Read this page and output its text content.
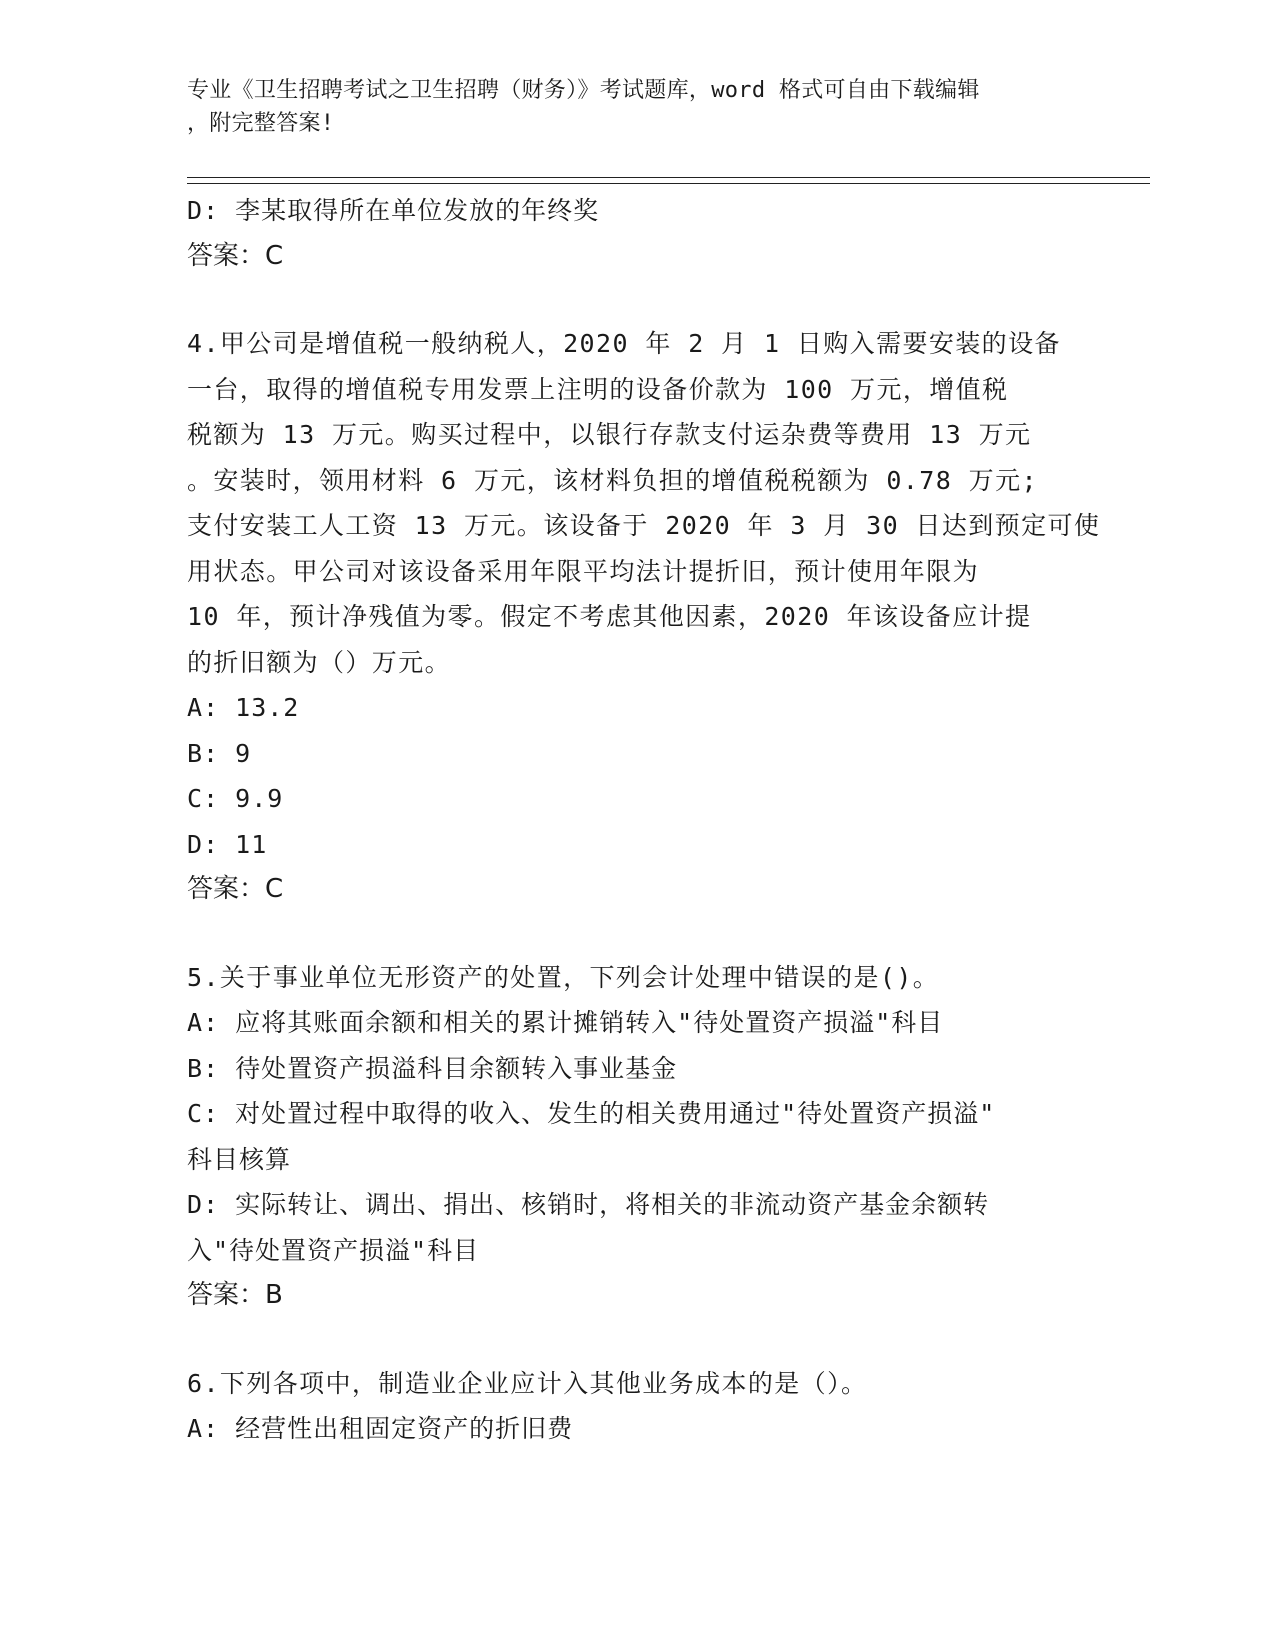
专业《卫生招聘考试之卫生招聘（财务）》考试题库，word 格式可自由下载编辑
，附完整答案!
D: 李某取得所在单位发放的年终奖
答案：C
4.甲公司是增值税一般纳税人，2020 年 2 月 1 日购入需要安装的设备
一台，取得的增值税专用发票上注明的设备价款为 100 万元，增值税
税额为 13 万元。购买过程中，以银行存款支付运杂费等费用 13 万元
。安装时，领用材料 6 万元，该材料负担的增值税税额为 0.78 万元;
支付安装工人工资 13 万元。该设备于 2020 年 3 月 30 日达到预定可使
用状态。甲公司对该设备采用年限平均法计提折旧，预计使用年限为
10 年，预计净残值为零。假定不考虑其他因素，2020 年该设备应计提
的折旧额为（）万元。
A: 13.2
B: 9
C: 9.9
D: 11
答案：C
5.关于事业单位无形资产的处置，下列会计处理中错误的是()。
A: 应将其账面余额和相关的累计摊销转入"待处置资产损溢"科目
B: 待处置资产损溢科目余额转入事业基金
C: 对处置过程中取得的收入、发生的相关费用通过"待处置资产损溢"
科目核算
D: 实际转让、调出、捐出、核销时，将相关的非流动资产基金余额转
入"待处置资产损溢"科目
答案：B
6.下列各项中，制造业企业应计入其他业务成本的是（）。
A: 经营性出租固定资产的折旧费
